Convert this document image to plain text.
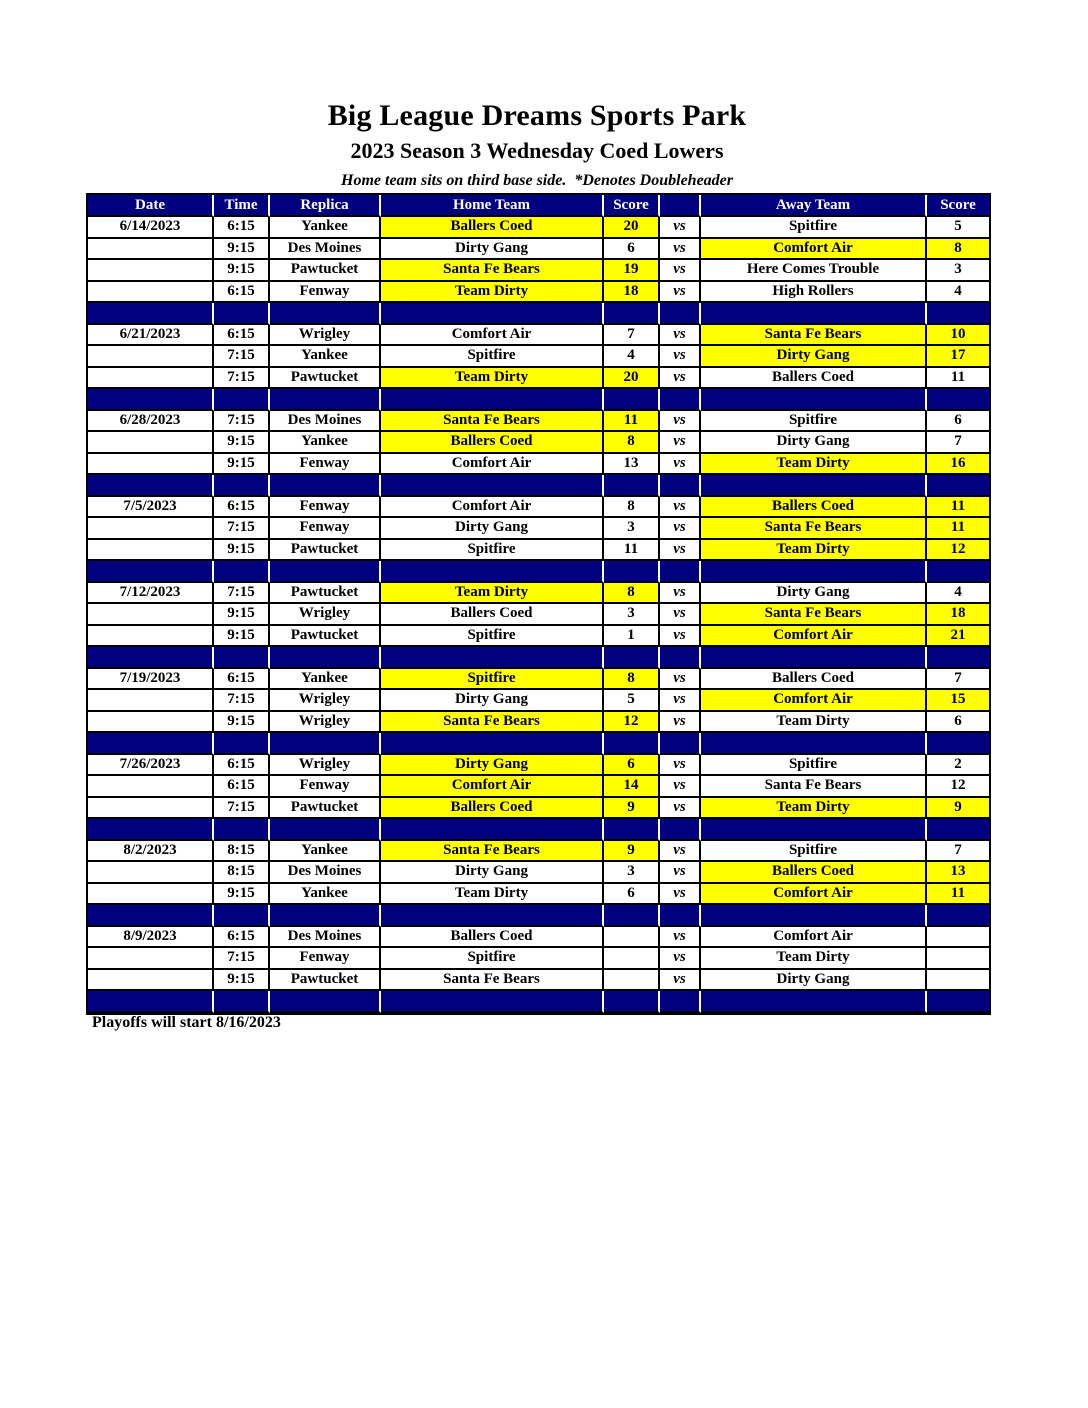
Big League Dreams Sports Park
2023 Season 3 Wednesday Coed Lowers
Home team sits on third base side.  *Denotes Doubleheader
Date	Time	Replica	Home Team	Score		Away Team	Score
6/14/2023	6:15	Yankee	Ballers Coed	20	vs	Spitfire	5
	9:15	Des Moines	Dirty Gang	6	vs	Comfort Air	8
	9:15	Pawtucket	Santa Fe Bears	19	vs	Here Comes Trouble	3
	6:15	Fenway	Team Dirty	18	vs	High Rollers	4

6/21/2023	6:15	Wrigley	Comfort Air	7	vs	Santa Fe Bears	10
	7:15	Yankee	Spitfire	4	vs	Dirty Gang	17
	7:15	Pawtucket	Team Dirty	20	vs	Ballers Coed	11

6/28/2023	7:15	Des Moines	Santa Fe Bears	11	vs	Spitfire	6
	9:15	Yankee	Ballers Coed	8	vs	Dirty Gang	7
	9:15	Fenway	Comfort Air	13	vs	Team Dirty	16

7/5/2023	6:15	Fenway	Comfort Air	8	vs	Ballers Coed	11
	7:15	Fenway	Dirty Gang	3	vs	Santa Fe Bears	11
	9:15	Pawtucket	Spitfire	11	vs	Team Dirty	12

7/12/2023	7:15	Pawtucket	Team Dirty	8	vs	Dirty Gang	4
	9:15	Wrigley	Ballers Coed	3	vs	Santa Fe Bears	18
	9:15	Pawtucket	Spitfire	1	vs	Comfort Air	21

7/19/2023	6:15	Yankee	Spitfire	8	vs	Ballers Coed	7
	7:15	Wrigley	Dirty Gang	5	vs	Comfort Air	15
	9:15	Wrigley	Santa Fe Bears	12	vs	Team Dirty	6

7/26/2023	6:15	Wrigley	Dirty Gang	6	vs	Spitfire	2
	6:15	Fenway	Comfort Air	14	vs	Santa Fe Bears	12
	7:15	Pawtucket	Ballers Coed	9	vs	Team Dirty	9

8/2/2023	8:15	Yankee	Santa Fe Bears	9	vs	Spitfire	7
	8:15	Des Moines	Dirty Gang	3	vs	Ballers Coed	13
	9:15	Yankee	Team Dirty	6	vs	Comfort Air	11

8/9/2023	6:15	Des Moines	Ballers Coed		vs	Comfort Air	
	7:15	Fenway	Spitfire		vs	Team Dirty	
	9:15	Pawtucket	Santa Fe Bears		vs	Dirty Gang	

Playoffs will start 8/16/2023
